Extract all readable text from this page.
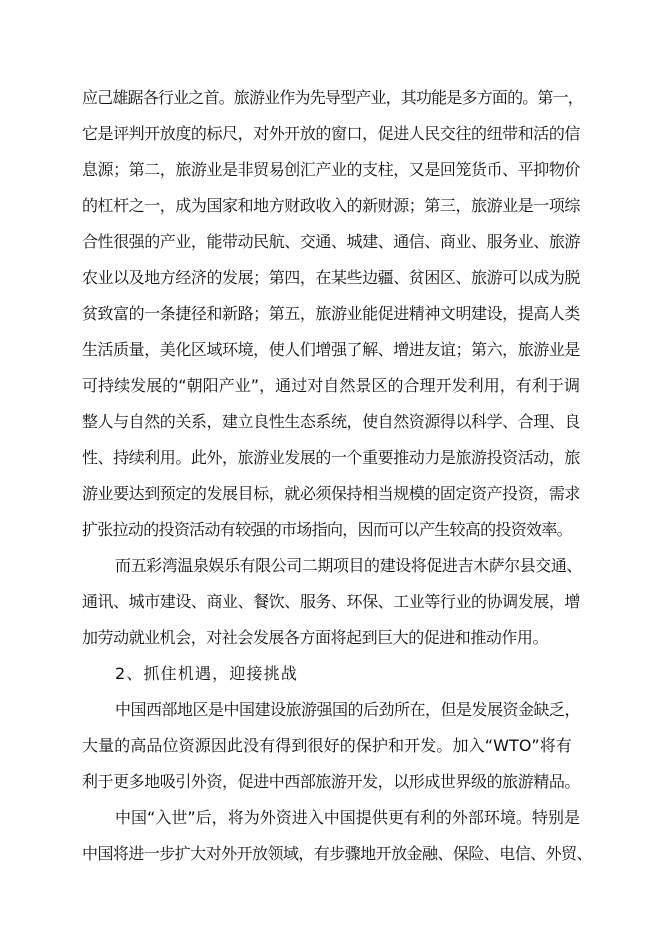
应己雄踞各行业之首。旅游业作为先导型产业，其功能是多方面的。第一，
它是评判开放度的标尺，对外开放的窗口，促进人民交往的纽带和活的信
息源；第二，旅游业是非贸易创汇产业的支柱，又是回笼货币、平抑物价
的杠杆之一，成为国家和地方财政收入的新财源；第三，旅游业是一项综
合性很强的产业，能带动民航、交通、城建、通信、商业、服务业、旅游
农业以及地方经济的发展；第四，在某些边疆、贫困区、旅游可以成为脱
贫致富的一条捷径和新路；第五，旅游业能促进精神文明建设，提高人类
生活质量，美化区域环境，使人们增强了解、增进友谊；第六，旅游业是
可持续发展的“朝阳产业”，通过对自然景区的合理开发利用，有利于调
整人与自然的关系，建立良性生态系统，使自然资源得以科学、合理、良
性、持续利用。此外，旅游业发展的一个重要推动力是旅游投资活动，旅
游业要达到预定的发展目标，就必须保持相当规模的固定资产投资，需求
扩张拉动的投资活动有较强的市场指向，因而可以产生较高的投资效率。
而五彩湾温泉娱乐有限公司二期项目的建设将促进吉木萨尔县交通、
通讯、城市建设、商业、餐饮、服务、环保、工业等行业的协调发展，增
加劳动就业机会，对社会发展各方面将起到巨大的促进和推动作用。
2、抓住机遇，迎接挑战
中国西部地区是中国建设旅游强国的后劲所在，但是发展资金缺乏，
大量的高品位资源因此没有得到很好的保护和开发。加入“WTO”将有
利于更多地吸引外资，促进中西部旅游开发，以形成世界级的旅游精品。
中国“入世”后，将为外资进入中国提供更有利的外部环境。特别是
中国将进一步扩大对外开放领域，有步骤地开放金融、保险、电信、外贸、
